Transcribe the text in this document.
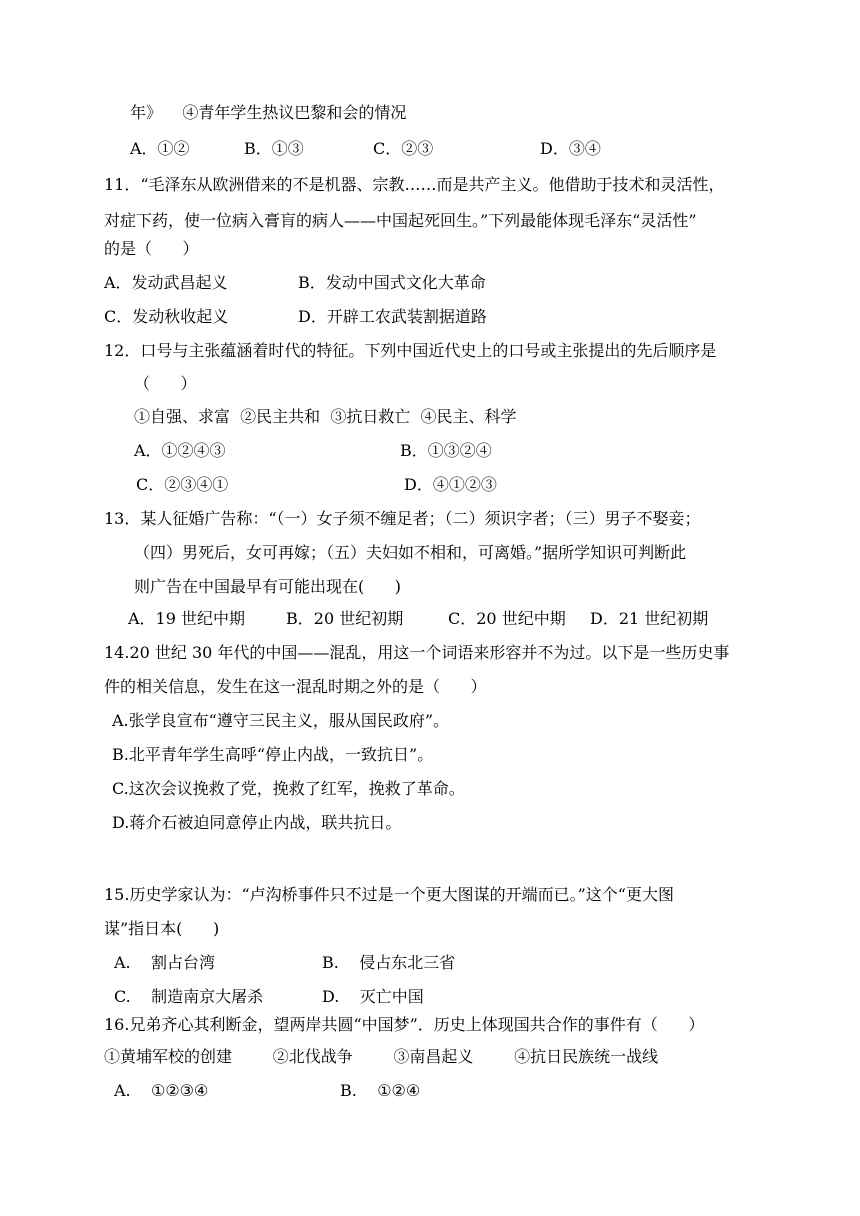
年》    ④青年学生热议巴黎和会的情况
A．①②	B．①③	C．②③	D．③④
11．“毛泽东从欧洲借来的不是机器、宗教……而是共产主义。他借助于技术和灵活性，
对症下药，使一位病入膏肓的病人——中国起死回生。”下列最能体现毛泽东“灵活性”
的是（      ）
A．发动武昌起义	B．发动中国式文化大革命
C．发动秋收起义	D．开辟工农武装割据道路
12．口号与主张蕴涵着时代的特征。下列中国近代史上的口号或主张提出的先后顺序是
（      ）
①自强、求富  ②民主共和  ③抗日救亡  ④民主、科学
A．①②④③	B．①③②④
C．②③④①	D．④①②③
13．某人征婚广告称：“（一）女子须不缠足者；（二）须识字者；（三）男子不娶妾；
（四）男死后，女可再嫁；（五）夫妇如不相和，可离婚。”据所学知识可判断此
则广告在中国最早有可能出现在(      )
A．19 世纪中期	B．20 世纪初期	C．20 世纪中期 D．21 世纪初期
14.20 世纪 30 年代的中国——混乱，用这一个词语来形容并不为过。以下是一些历史事
件的相关信息，发生在这一混乱时期之外的是（      ）
A.张学良宣布“遵守三民主义，服从国民政府”。
B.北平青年学生高呼“停止内战，一致抗日”。
C.这次会议挽救了党，挽救了红军，挽救了革命。
D.蒋介石被迫同意停止内战，联共抗日。
15.历史学家认为：“卢沟桥事件只不过是一个更大图谋的开端而已。”这个“更大图
谋”指日本(      )
A.    割占台湾	B.    侵占东北三省
C.    制造南京大屠杀	D.    灭亡中国
16.兄弟齐心其利断金，望两岸共圆“中国梦”．历史上体现国共合作的事件有（      ）
①黄埔军校的创建        ②北伐战争        ③南昌起义        ④抗日民族统一战线
A.    ①②③④	B.    ①②④
